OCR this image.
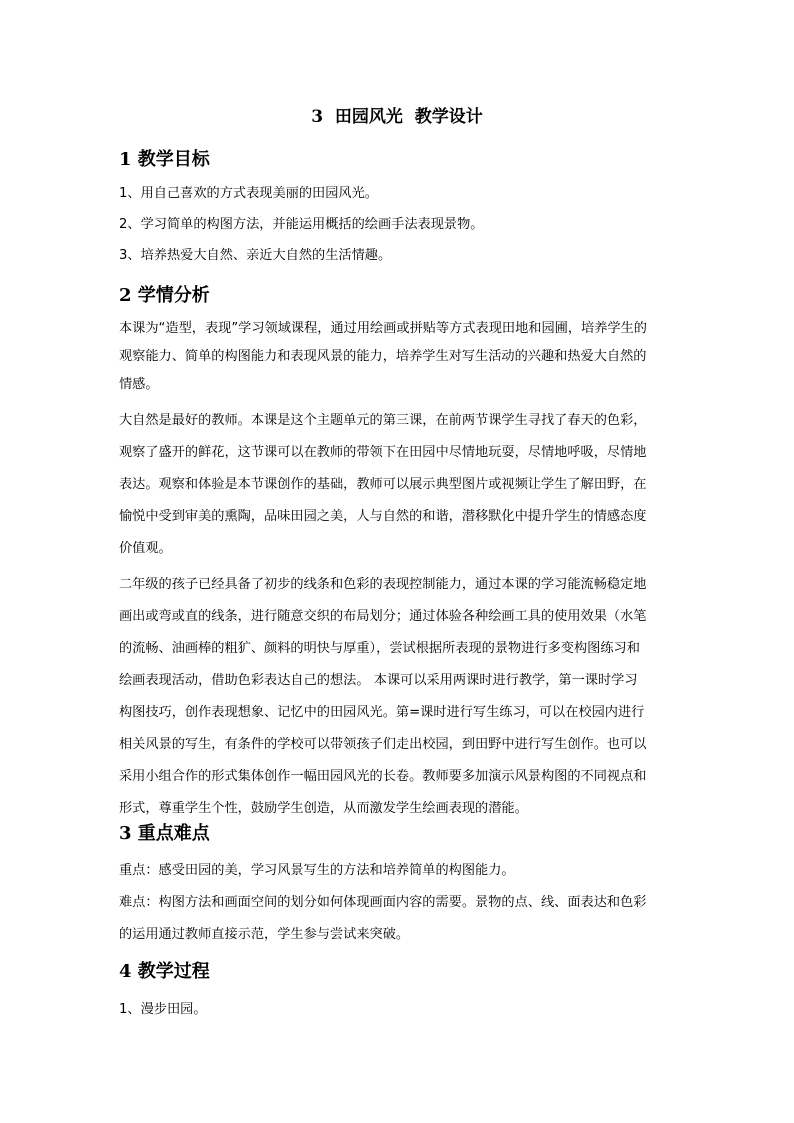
3  田园风光  教学设计
1 教学目标
1、用自己喜欢的方式表现美丽的田园风光。
2、学习简单的构图方法，并能运用概括的绘画手法表现景物。
3、培养热爱大自然、亲近大自然的生活情趣。
2 学情分析
本课为“造型，表现”学习领域课程，通过用绘画或拼贴等方式表现田地和园圃，培养学生的
观察能力、简单的构图能力和表现风景的能力，培养学生对写生活动的兴趣和热爱大自然的
情感。
大自然是最好的教师。本课是这个主题单元的第三课，在前两节课学生寻找了春天的色彩，
观察了盛开的鲜花，这节课可以在教师的带领下在田园中尽情地玩耍，尽情地呼吸，尽情地
表达。观察和体验是本节课创作的基础，教师可以展示典型图片或视频让学生了解田野，在
愉悦中受到审美的熏陶，品味田园之美，人与自然的和谐，潜移默化中提升学生的情感态度
价值观。
二年级的孩子已经具备了初步的线条和色彩的表现控制能力，通过本课的学习能流畅稳定地
画出或弯或直的线条，进行随意交织的布局划分；通过体验各种绘画工具的使用效果（水笔
的流畅、油画棒的粗犷、颜料的明快与厚重），尝试根据所表现的景物进行多变构图练习和
绘画表现活动，借助色彩表达自己的想法。 本课可以采用两课时进行教学，第一课时学习
构图技巧，创作表现想象、记忆中的田园风光。第=课时进行写生练习，可以在校园内进行
相关风景的写生，有条件的学校可以带领孩子们走出校园，到田野中进行写生创作。也可以
采用小组合作的形式集体创作一幅田园风光的长卷。教师要多加演示风景构图的不同视点和
形式，尊重学生个性，鼓励学生创造，从而激发学生绘画表现的潜能。
3 重点难点
重点：感受田园的美，学习风景写生的方法和培养简单的构图能力。
难点：构图方法和画面空间的划分如何体现画面内容的需要。景物的点、线、面表达和色彩
的运用通过教师直接示范，学生参与尝试来突破。
4 教学过程
1、漫步田园。
